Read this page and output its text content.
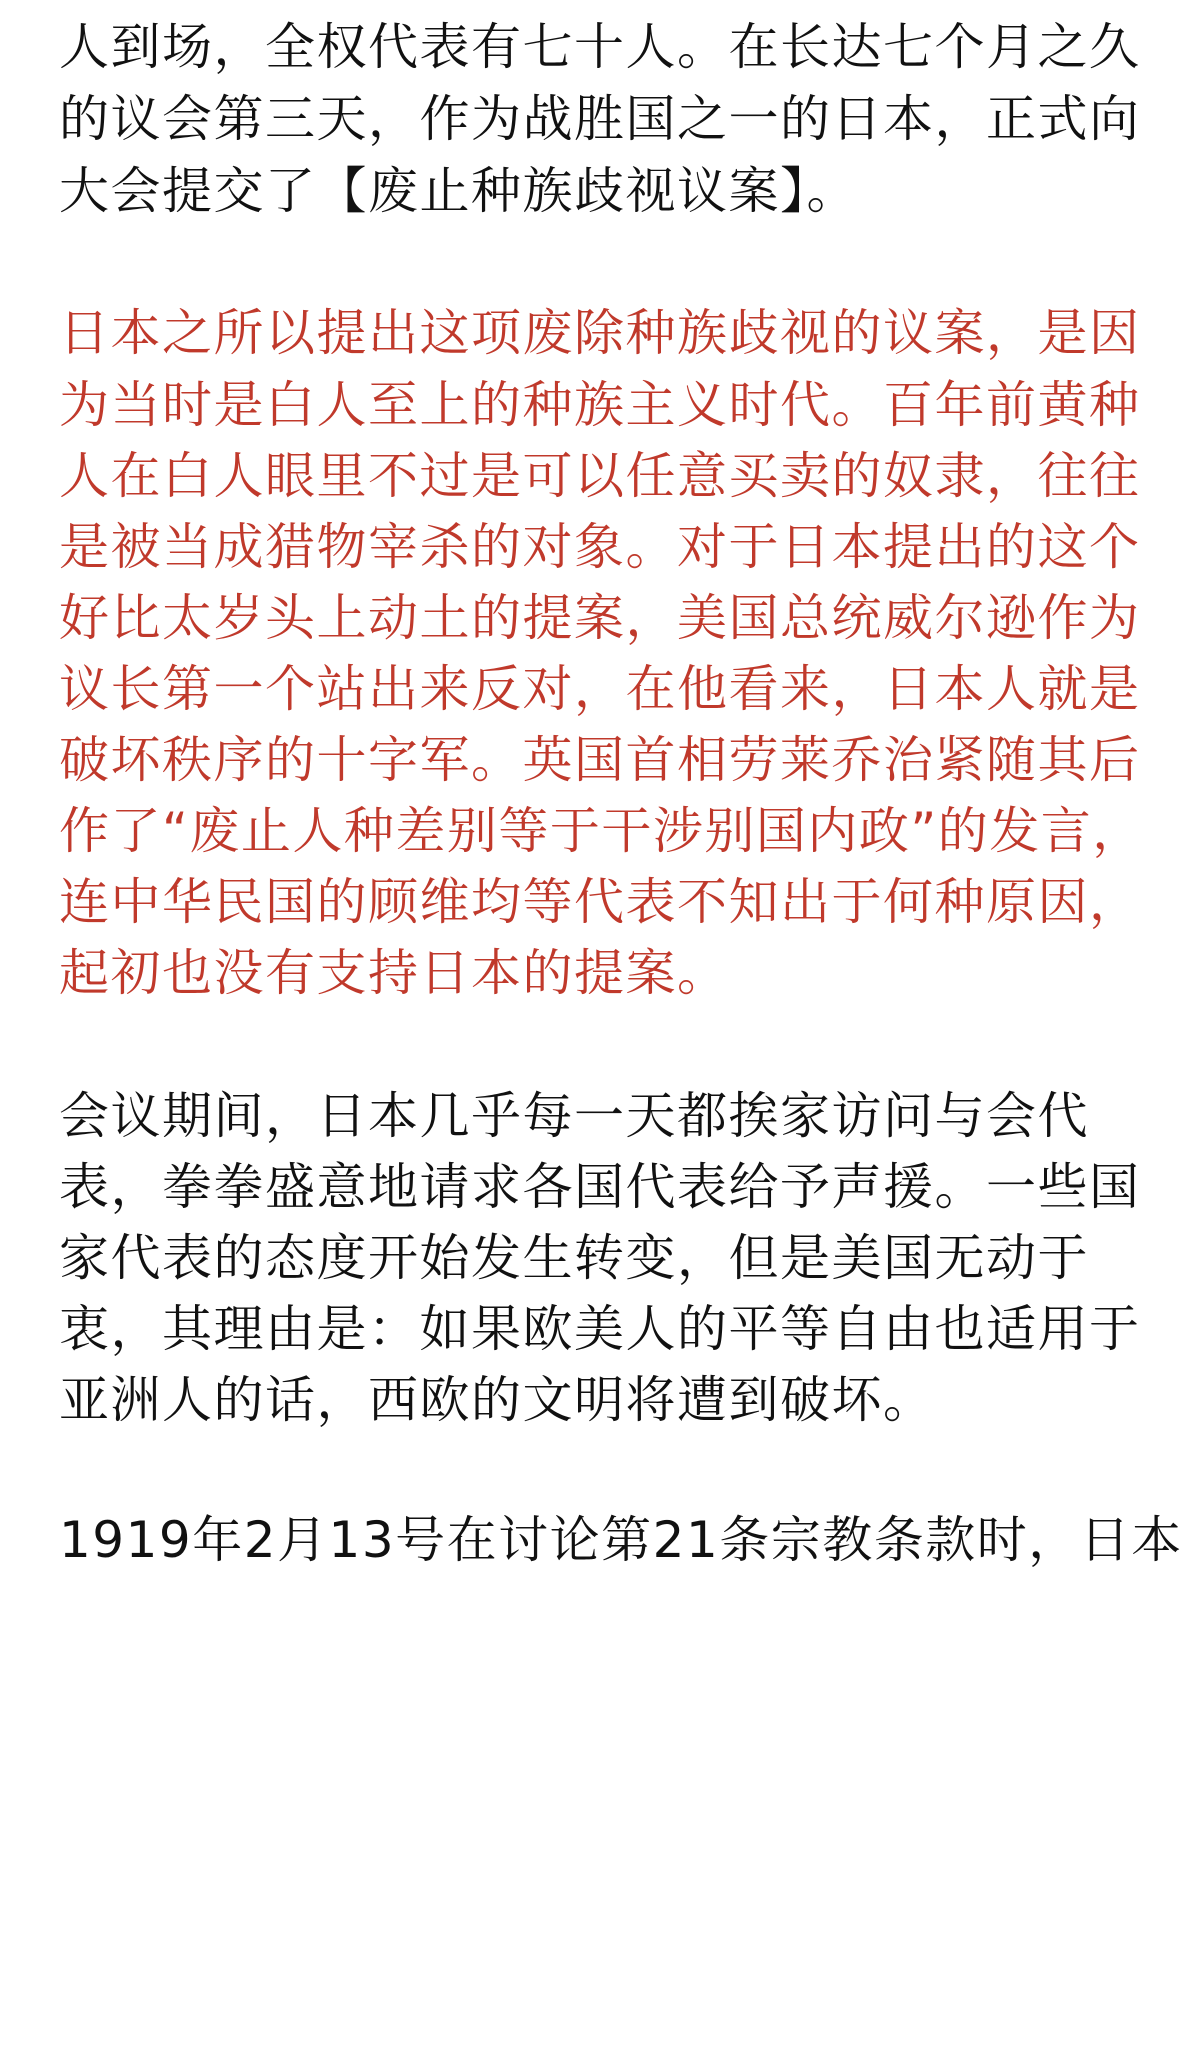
人到场，全权代表有七十人。在长达七个月之久
的议会第三天，作为战胜国之一的日本，正式向
大会提交了【废止种族歧视议案】。
日本之所以提出这项废除种族歧视的议案，是因
为当时是白人至上的种族主义时代。百年前黄种
人在白人眼里不过是可以任意买卖的奴隶，往往
是被当成猎物宰杀的对象。对于日本提出的这个
好比太岁头上动土的提案，美国总统威尔逊作为
议长第一个站出来反对，在他看来，日本人就是
破坏秩序的十字军。英国首相劳莱乔治紧随其后
作了“废止人种差别等于干涉别国内政”的发言，
连中华民国的顾维均等代表不知出于何种原因，
起初也没有支持日本的提案。
会议期间，日本几乎每一天都挨家访问与会代
表，拳拳盛意地请求各国代表给予声援。一些国
家代表的态度开始发生转变，但是美国无动于
衷，其理由是：如果欧美人的平等自由也适用于
亚洲人的话，西欧的文明将遭到破坏。
1919年2月13号在讨论第21条宗教条款时，日本
